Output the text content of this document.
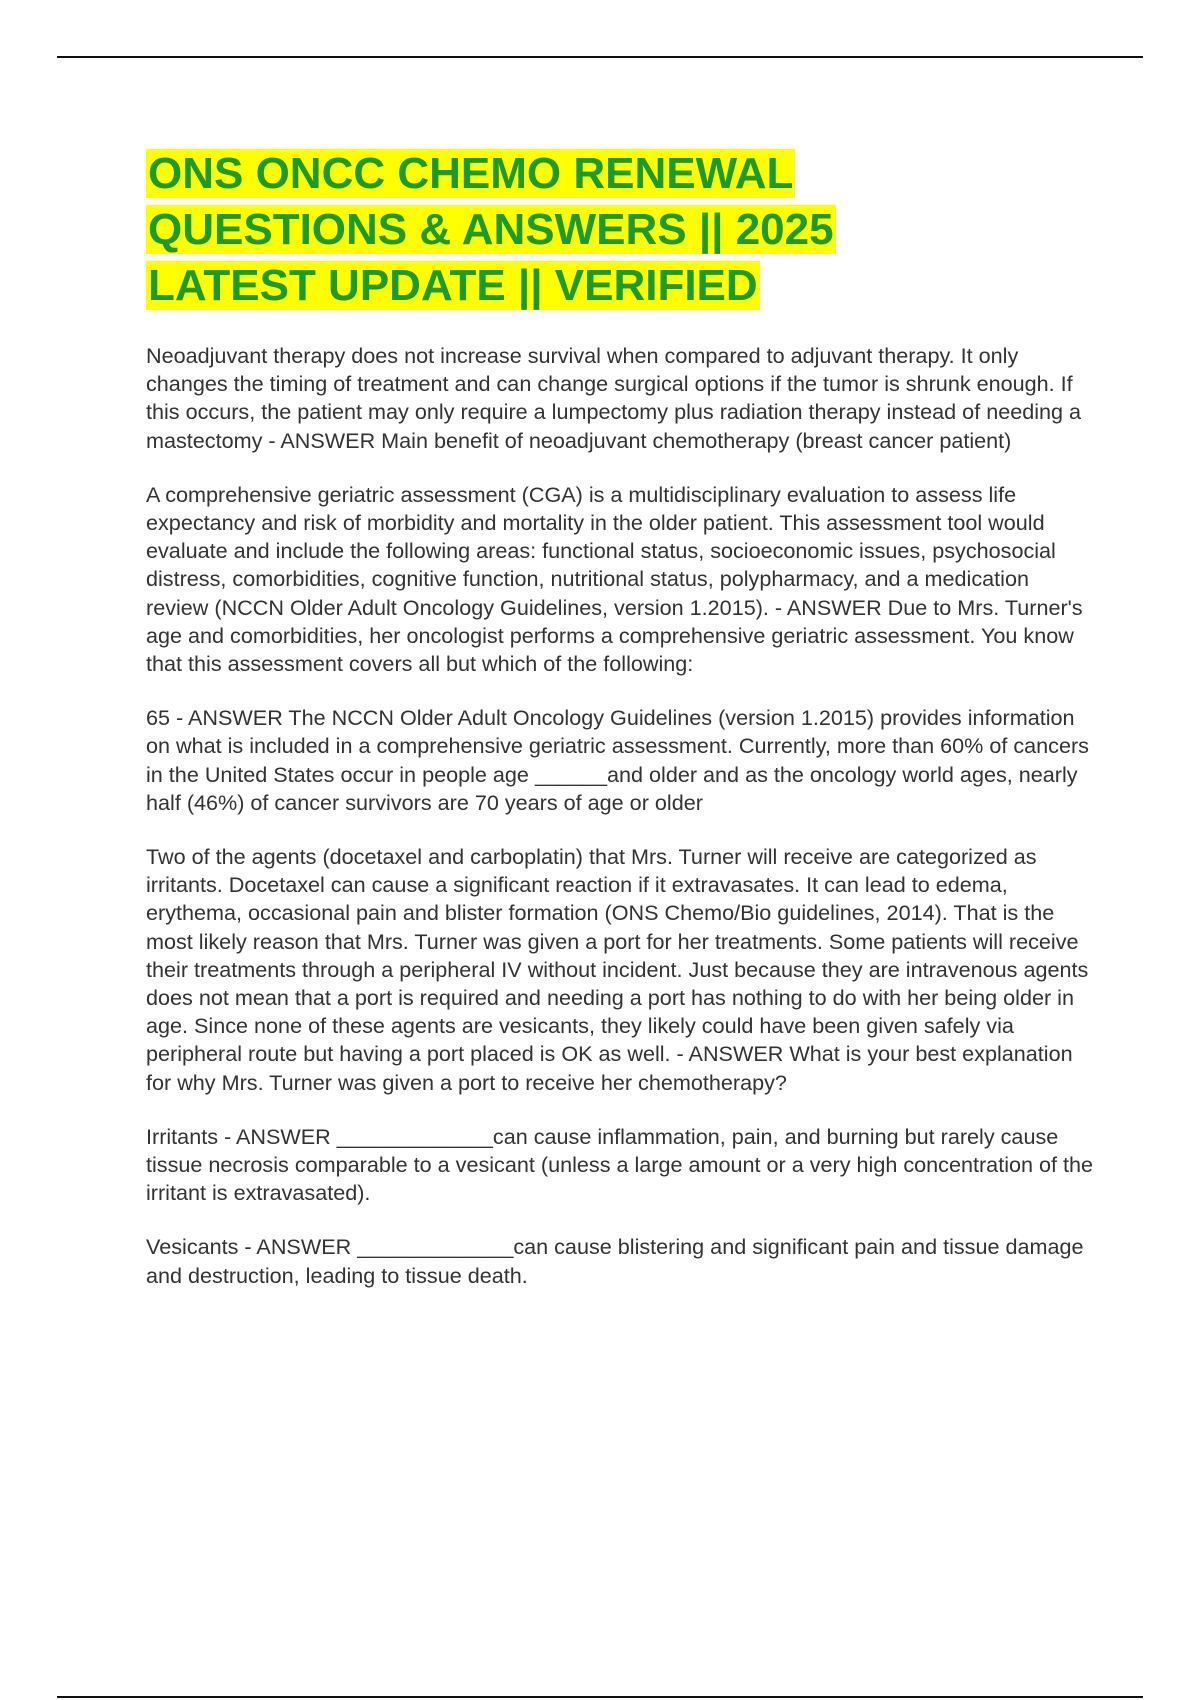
ONS ONCC CHEMO RENEWAL
QUESTIONS & ANSWERS || 2025
LATEST UPDATE || VERIFIED

Neoadjuvant therapy does not increase survival when compared to adjuvant therapy. It only changes the timing of treatment and can change surgical options if the tumor is shrunk enough. If this occurs, the patient may only require a lumpectomy plus radiation therapy instead of needing a mastectomy - ANSWER Main benefit of neoadjuvant chemotherapy (breast cancer patient)

A comprehensive geriatric assessment (CGA) is a multidisciplinary evaluation to assess life expectancy and risk of morbidity and mortality in the older patient. This assessment tool would evaluate and include the following areas: functional status, socioeconomic issues, psychosocial distress, comorbidities, cognitive function, nutritional status, polypharmacy, and a medication review (NCCN Older Adult Oncology Guidelines, version 1.2015). - ANSWER Due to Mrs. Turner's age and comorbidities, her oncologist performs a comprehensive geriatric assessment. You know that this assessment covers all but which of the following:

65 - ANSWER The NCCN Older Adult Oncology Guidelines (version 1.2015) provides information on what is included in a comprehensive geriatric assessment. Currently, more than 60% of cancers in the United States occur in people age ______and older and as the oncology world ages, nearly half (46%) of cancer survivors are 70 years of age or older

Two of the agents (docetaxel and carboplatin) that Mrs. Turner will receive are categorized as irritants. Docetaxel can cause a significant reaction if it extravasates. It can lead to edema, erythema, occasional pain and blister formation (ONS Chemo/Bio guidelines, 2014). That is the most likely reason that Mrs. Turner was given a port for her treatments. Some patients will receive their treatments through a peripheral IV without incident. Just because they are intravenous agents does not mean that a port is required and needing a port has nothing to do with her being older in age. Since none of these agents are vesicants, they likely could have been given safely via peripheral route but having a port placed is OK as well. - ANSWER What is your best explanation for why Mrs. Turner was given a port to receive her chemotherapy?

Irritants - ANSWER _____________can cause inflammation, pain, and burning but rarely cause tissue necrosis comparable to a vesicant (unless a large amount or a very high concentration of the irritant is extravasated).

Vesicants - ANSWER _____________can cause blistering and significant pain and tissue damage and destruction, leading to tissue death.
